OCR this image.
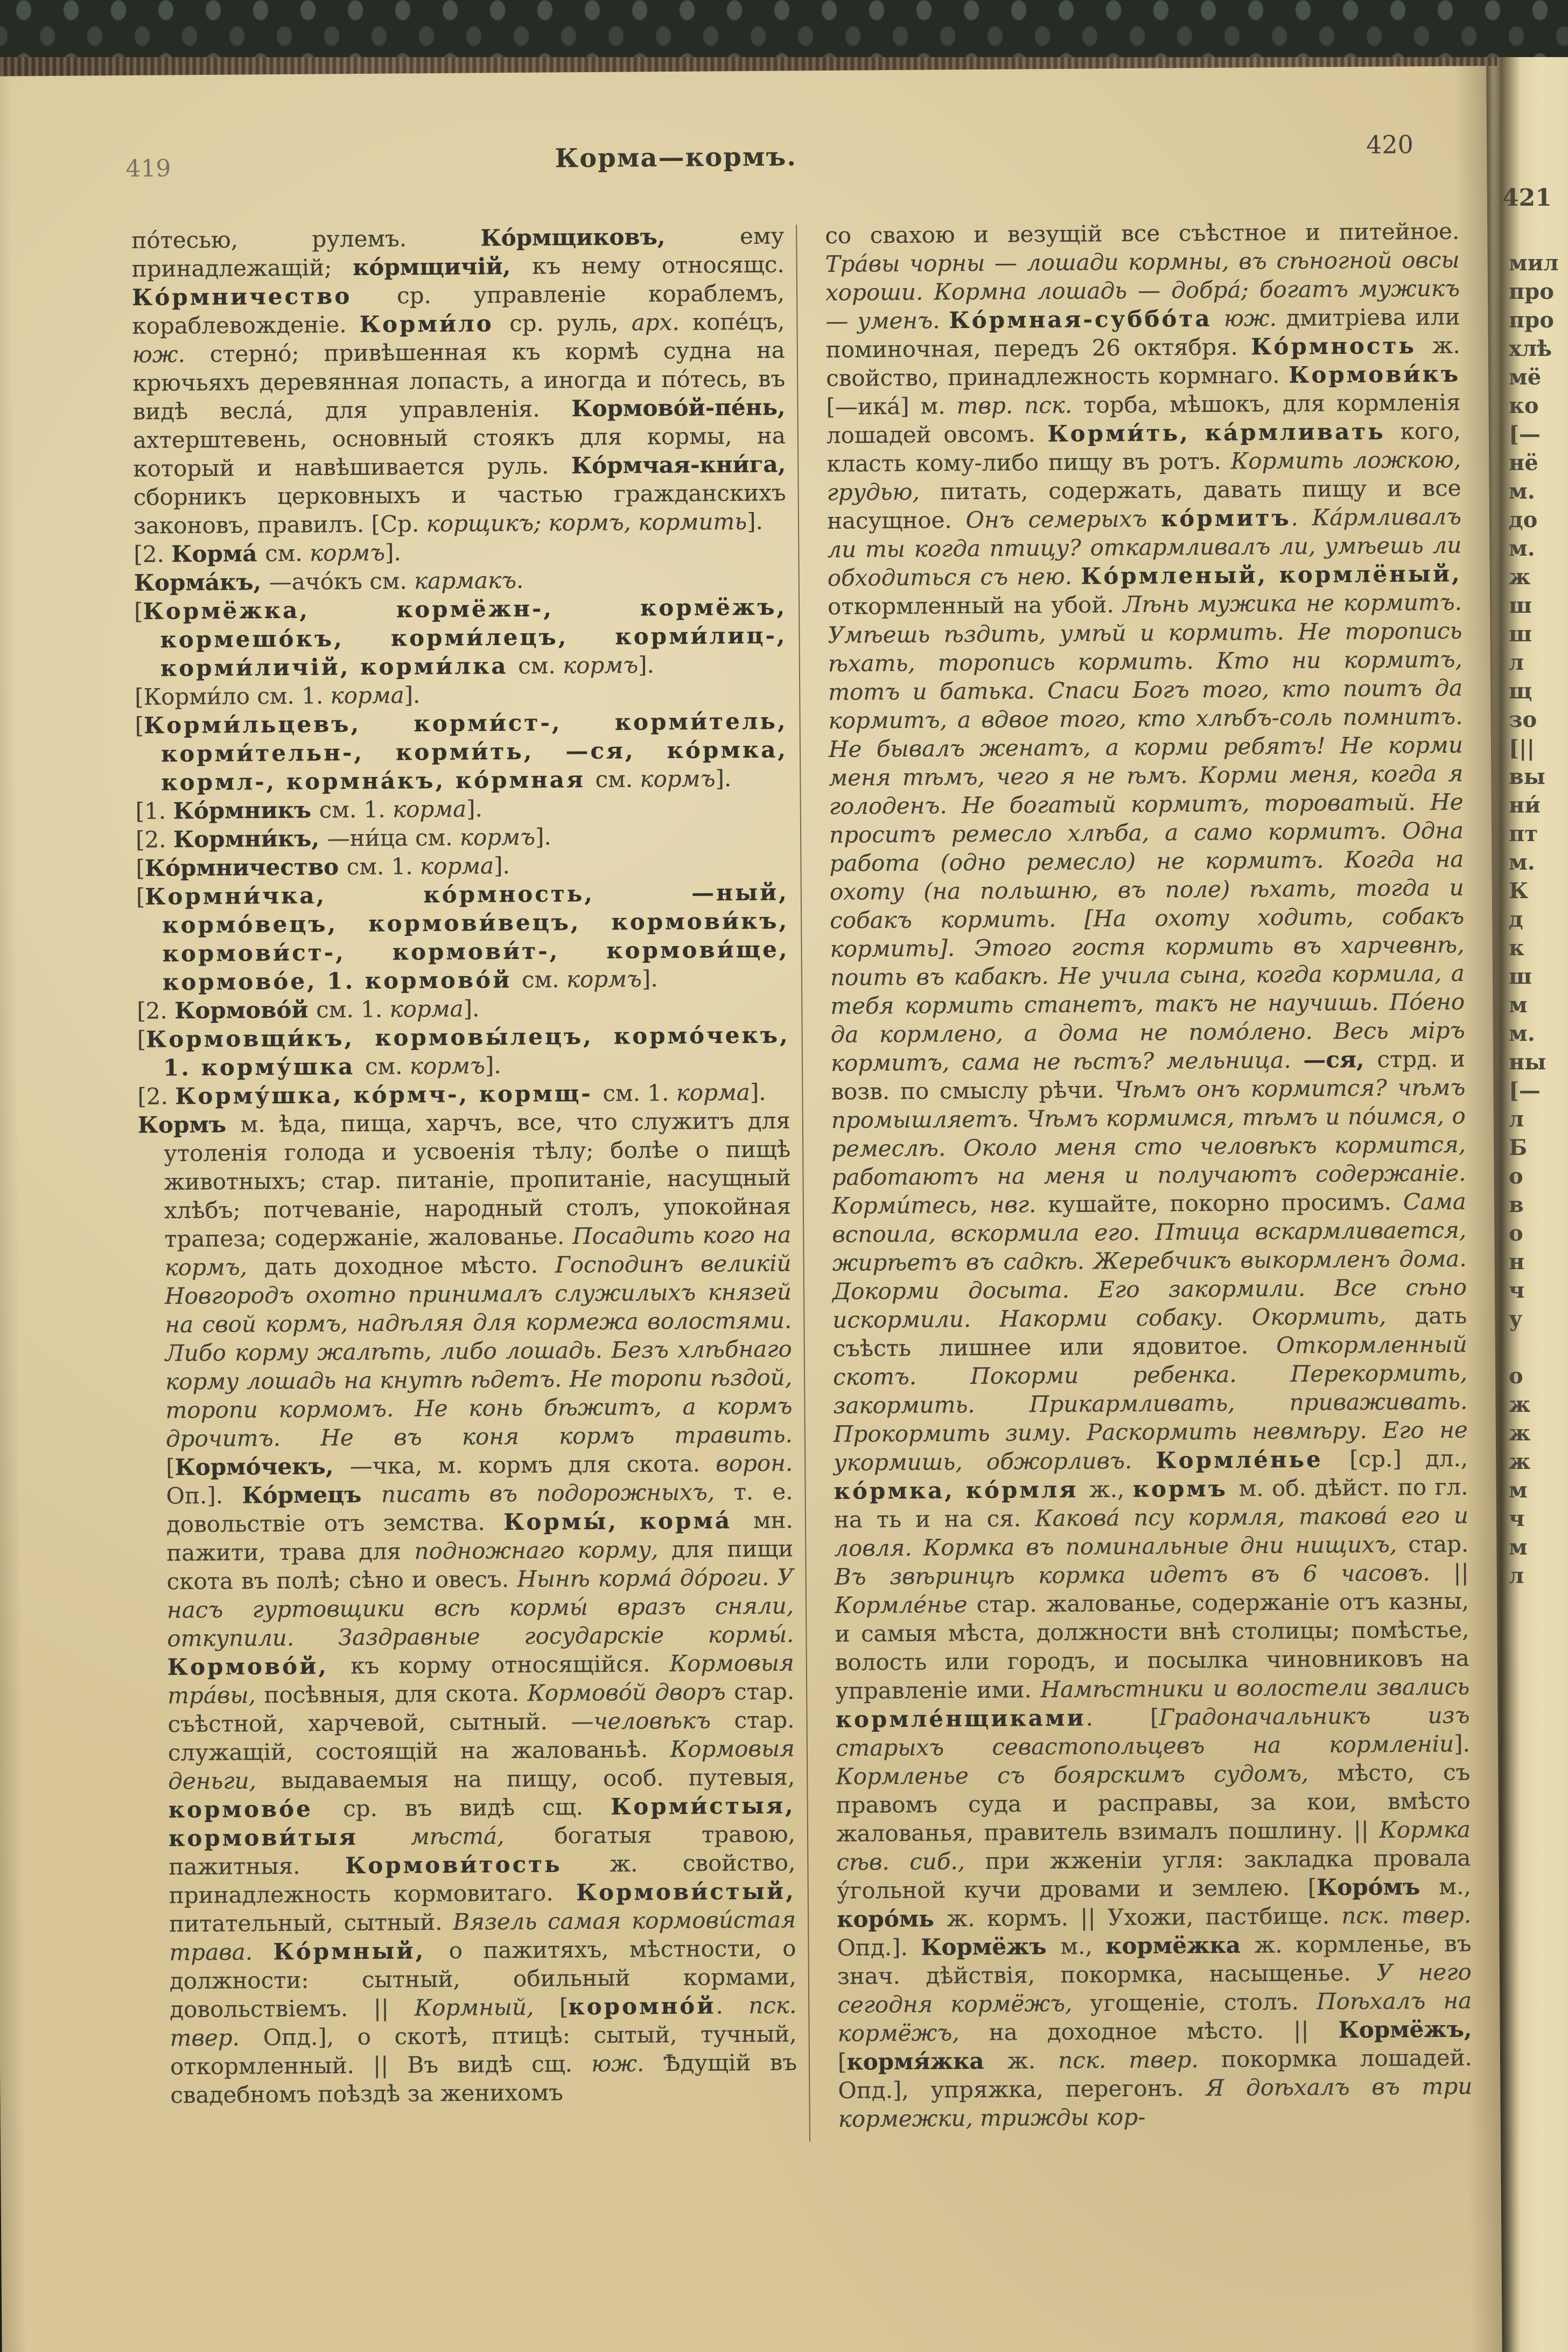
421
мил
про
про
хлѣ
мё
ко
[—
нё
м.
до
м.
ж
ш
ш
л
щ
зо
[||
вы
ни́
пт
м.
К
д
к
ш
м
м.
ны
[—
л
Б
о
в
о
н
ч
у
о
ж
ж
ж
м
ч
м
л
419	Корма—кормъ.	420

по́тесью, рулемъ. Ко́рмщиковъ, ему принадлежащій; ко́рмщичій, къ нему относящс. Ко́рмничество ср. управленіе кораблемъ, кораблевожденіе. Корми́ло ср. руль, арх. копе́цъ, юж. стерно́; привѣшенная къ кормѣ судна на крючьяхъ деревянная лопасть, а иногда и по́тесь, въ видѣ весла́, для управленія. Кормово́й-пе́нь, ахтерштевень, основный стоякъ для кормы, на который и навѣшивается руль. Ко́рмчая-кни́га, сборникъ церковныхъ и частью гражданскихъ законовъ, правилъ. [Ср. корщикъ; кормъ, кормить].

[2. Корма́ см. кормъ].

Корма́къ, —ачо́къ см. кармакъ.

[Кормёжка, кормёжн-, кормёжъ, кормешо́къ, корми́лецъ, корми́лиц-, корми́личій, корми́лка см. кормъ].

[Корми́ло см. 1. корма].

[Корми́льцевъ, корми́ст-, корми́тель, корми́тельн-, корми́ть, —ся, ко́рмка, кормл-, кормна́къ, ко́рмная см. кормъ].

[1. Ко́рмникъ см. 1. корма].

[2. Кормни́къ, —ни́ца см. кормъ].

[Ко́рмничество см. 1. корма].

[Кормни́чка, ко́рмность, —ный, кормо́вецъ, кормови́вецъ, кормови́къ, кормови́ст-, кормови́т-, кормови́ще, кормово́е, 1. кормово́й см. кормъ].

[2. Кормово́й см. 1. корма].

[Кормовщи́къ, кормовы́лецъ, кормо́чекъ, 1. корму́шка см. кормъ].

[2. Корму́шка, ко́рмч-, кормщ- см. 1. корма].

Кормъ м. ѣда, пища, харчъ, все, что служитъ для утоленія голода и усвоенія тѣлу; болѣе о пищѣ животныхъ; стар. питаніе, пропитаніе, насущный хлѣбъ; потчеваніе, народный столъ, упокойная трапеза; содержаніе, жалованье. Посадить кого на кормъ, дать доходное мѣсто. Господинъ великій Новгородъ охотно принималъ служилыхъ князей на свой кормъ, надѣляя для кормежа волостями. Либо корму жалѣть, либо лошадь. Безъ хлѣбнаго корму лошадь на кнутѣ ѣдетъ. Не торопи ѣздой, торопи кормомъ. Не конь бѣжитъ, а кормъ дрочитъ. Не въ коня кормъ травить. [Кормо́чекъ, —чка, м. кормъ для скота. ворон. Оп.]. Ко́рмецъ писать въ подорожныхъ, т. е. довольствіе отъ земства. Кормы́, корма́ мн. пажити, трава для подножнаго корму, для пищи скота въ полѣ; сѣно и овесъ. Нынѣ корма́ до́роги. У насъ гуртовщики всѣ кормы́ вразъ сняли, откупили. Заздравные государскіе кормы́. Кормово́й, къ корму относящійся. Кормовыя тра́вы, посѣвныя, для скота. Кормово́й дворъ стар. съѣстной, харчевой, сытный. —человѣкъ стар. служащій, состоящій на жалованьѣ. Кормовыя деньги, выдаваемыя на пищу, особ. путевыя, кормово́е ср. въ видѣ сщ. Корми́стыя, кормови́тыя мѣста́, богатыя травою, пажитныя. Кормови́тость ж. свойство, принадлежность кормовитаго. Кормови́стый, питательный, сытный. Вязель самая кормови́стая трава. Ко́рмный, о пажитяхъ, мѣстности, о должности: сытный, обильный кормами, довольствіемъ. || Кормный, [коромно́й. пск. твер. Опд.], о скотѣ, птицѣ: сытый, тучный, откормленный. || Въ видѣ сщ. юж. Ѣдущій въ свадебномъ поѣздѣ за женихомъ

со свахою и везущій все съѣстное и питейное. Тра́вы чорны — лошади кормны, въ сѣногной овсы хороши. Кормна лошадь — добра́; богатъ мужикъ — уменъ. Ко́рмная-суббо́та юж. дмитріева или поминочная, передъ 26 октября. Ко́рмность ж. свойство, принадлежность кормнаго. Кормови́къ [—ика́] м. твр. пск. торба, мѣшокъ, для кормленія лошадей овсомъ. Корми́ть, ка́рмливать кого, класть кому-либо пищу въ ротъ. Кормить ложкою, грудью, питать, содержать, давать пищу и все насущное. Онъ семерыхъ ко́рмитъ. Ка́рмливалъ ли ты когда птицу? откармливалъ ли, умѣешь ли обходиться съ нею. Ко́рмленый, кормлёный, откормленный на убой. Лѣнь мужика не кормитъ. Умѣешь ѣздить, умѣй и кормить. Не торопись ѣхать, торопись кормить. Кто ни кормитъ, тотъ и батька. Спаси Богъ того, кто поитъ да кормитъ, а вдвое того, кто хлѣбъ-соль помнитъ. Не бывалъ женатъ, а корми ребятъ! Не корми меня тѣмъ, чего я не ѣмъ. Корми меня, когда я голоденъ. Не богатый кормитъ, тороватый. Не проситъ ремесло хлѣба, а само кормитъ. Одна работа (одно ремесло) не кормитъ. Когда на охоту (на польшню, въ поле) ѣхать, тогда и собакъ кормить. [На охоту ходить, собакъ кормить]. Этого гостя кормить въ харчевнѣ, поить въ кабакѣ. Не учила сына, когда кормила, а тебя кормить станетъ, такъ не научишь. По́ено да кормлено, а дома не помо́лено. Весь міръ кормитъ, сама не ѣстъ? мельница. —ся, стрд. и возв. по смыслу рѣчи. Чѣмъ онъ кормится? чѣмъ промышляетъ. Чѣмъ кормимся, тѣмъ и по́имся, о ремеслѣ. Около меня сто человѣкъ кормится, работаютъ на меня и получаютъ содержаніе. Корми́тесь, нвг. кушайте, покорно просимъ. Сама вспоила, вскормила его. Птица вскармливается, жирѣетъ въ садкѣ. Жеребчикъ выкормленъ дома. Докорми досыта. Его закормили. Все сѣно искормили. Накорми собаку. Окормить, дать съѣсть лишнее или ядовитое. Откормленный скотъ. Покорми ребенка. Перекормить, закормить. Прикармливать, приваживать. Прокормить зиму. Раскормить невмѣру. Его не укормишь, обжорливъ. Кормле́нье [ср.] дл., ко́рмка, ко́рмля ж., кормъ м. об. дѣйст. по гл. на ть и на ся. Какова́ псу кормля, такова́ его и ловля. Кормка въ поминальные дни нищихъ, стар. Въ звѣринцѣ кормка идетъ въ 6 часовъ. || Кормле́нье стар. жалованье, содержаніе отъ казны, и самыя мѣста, должности внѣ столицы; помѣстье, волость или городъ, и посылка чиновниковъ на управленіе ими. Намѣстники и волостели звались кормле́нщиками. [Градоначальникъ изъ старыхъ севастопольцевъ на кормленіи]. Кормленье съ боярскимъ судомъ, мѣсто, съ правомъ суда и расправы, за кои, вмѣсто жалованья, правитель взималъ пошлину. || Кормка сѣв. сиб., при жженіи угля: закладка провала у́гольной кучи дровами и землею. [Коро́мъ м., коро́мь ж. кормъ. || Ухожи, пастбище. пск. твер. Опд.]. Кормёжъ м., кормёжка ж. кормленье, въ знач. дѣйствія, покормка, насыщенье. У него сегодня кормёжъ, угощеніе, столъ. Поѣхалъ на кормёжъ, на доходное мѣсто. || Кормёжъ, [кормя́жка ж. пск. твер. покормка лошадей. Опд.], упряжка, перегонъ. Я доѣхалъ въ три кормежки, трижды кор-
